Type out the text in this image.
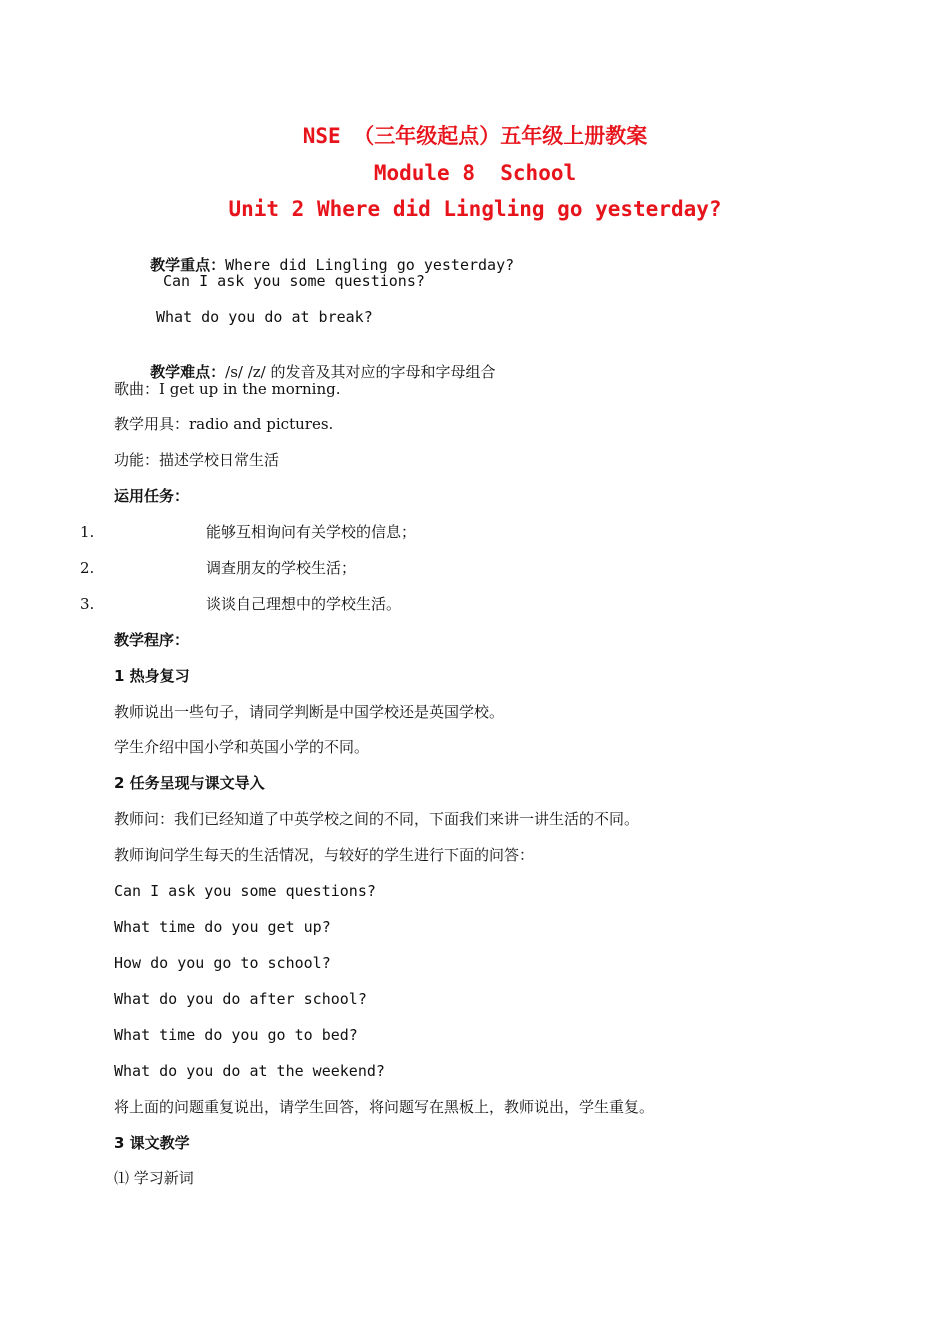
NSE （三年级起点）五年级上册教案
Module 8  School
Unit 2 Where did Lingling go yesterday?

教学重点：Where did Lingling go yesterday?

Can I ask you some questions?
What do you do at break?

教学难点：/s/ /z/ 的发音及其对应的字母和字母组合

歌曲：I get up in the morning.
教学用具：radio and pictures.
功能：描述学校日常生活
运用任务：
1.	能够互相询问有关学校的信息；
2.	调查朋友的学校生活；
3.	谈谈自己理想中的学校生活。
教学程序：
1 热身复习
教师说出一些句子，请同学判断是中国学校还是英国学校。
学生介绍中国小学和英国小学的不同。
2 任务呈现与课文导入
教师问：我们已经知道了中英学校之间的不同，下面我们来讲一讲生活的不同。
教师询问学生每天的生活情况，与较好的学生进行下面的问答：
Can I ask you some questions?
What time do you get up?
How do you go to school?
What do you do after school?
What time do you go to bed?
What do you do at the weekend?
将上面的问题重复说出，请学生回答，将问题写在黑板上，教师说出，学生重复。
3 课文教学
⑴ 学习新词
